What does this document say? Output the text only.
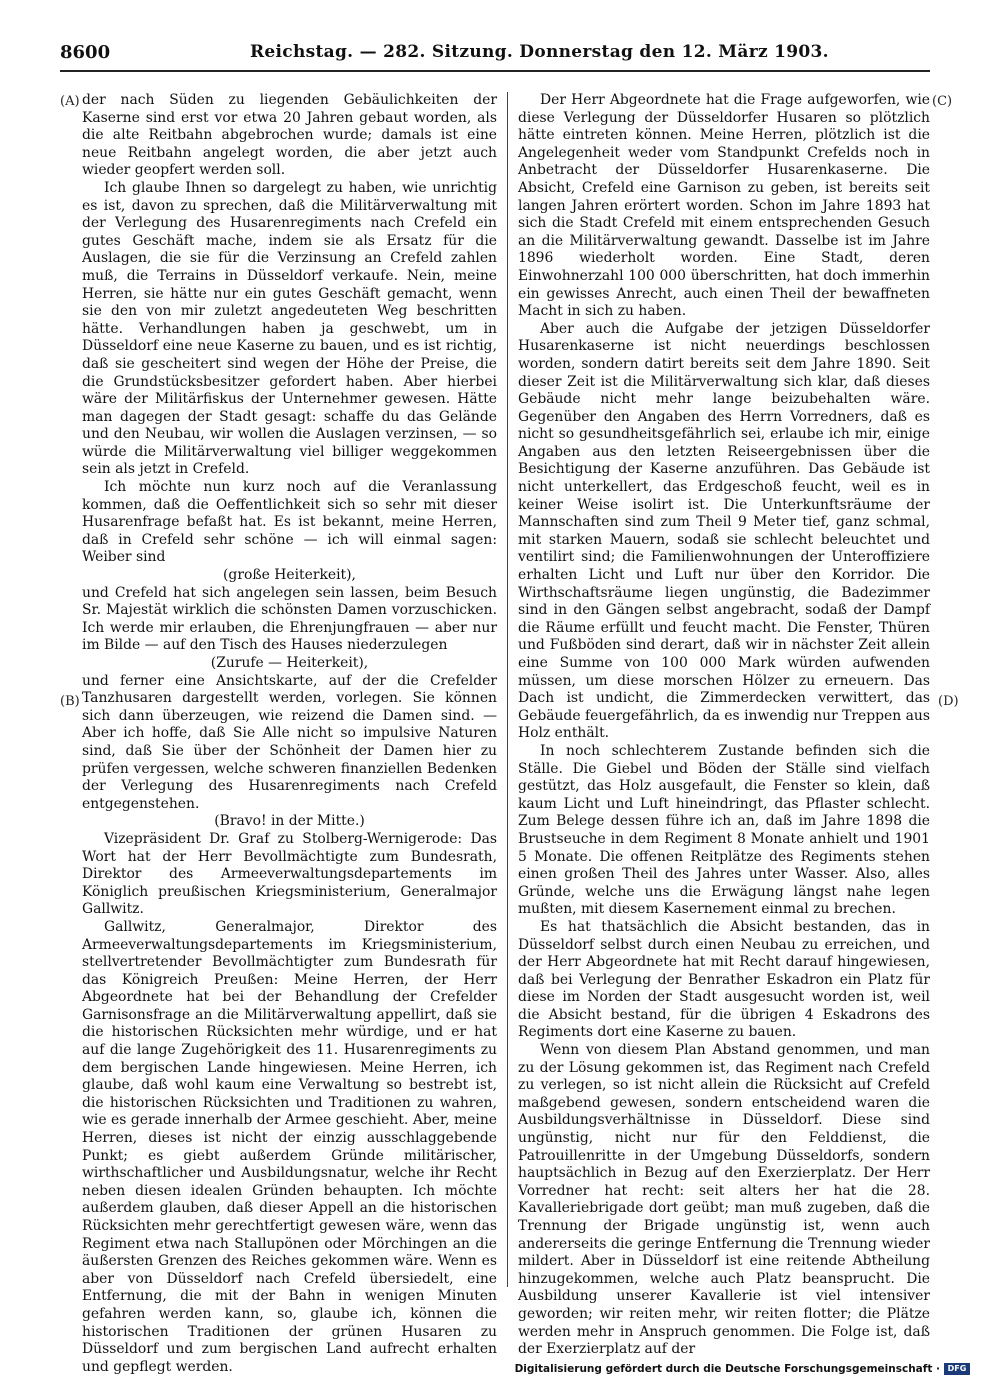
8600	Reichstag. — 282. Sitzung. Donnerstag den 12. März 1903.
(A)
(B)
(C)
(D)

der nach Süden zu liegenden Gebäulichkeiten der Kaserne sind erst vor etwa 20 Jahren gebaut worden, als die alte Reitbahn abgebrochen wurde; damals ist eine neue Reitbahn angelegt worden, die aber jetzt auch wieder geopfert werden soll.

Ich glaube Ihnen so dargelegt zu haben, wie unrichtig es ist, davon zu sprechen, daß die Militärverwaltung mit der Verlegung des Husarenregiments nach Crefeld ein gutes Geschäft mache, indem sie als Ersatz für die Auslagen, die sie für die Verzinsung an Crefeld zahlen muß, die Terrains in Düsseldorf verkaufe. Nein, meine Herren, sie hätte nur ein gutes Geschäft gemacht, wenn sie den von mir zuletzt angedeuteten Weg beschritten hätte. Verhandlungen haben ja geschwebt, um in Düsseldorf eine neue Kaserne zu bauen, und es ist richtig, daß sie gescheitert sind wegen der Höhe der Preise, die die Grundstücksbesitzer gefordert haben. Aber hierbei wäre der Militärfiskus der Unternehmer gewesen. Hätte man dagegen der Stadt gesagt: schaffe du das Gelände und den Neubau, wir wollen die Auslagen verzinsen, — so würde die Militärverwaltung viel billiger weggekommen sein als jetzt in Crefeld.

Ich möchte nun kurz noch auf die Veranlassung kommen, daß die Oeffentlichkeit sich so sehr mit dieser Husarenfrage befaßt hat. Es ist bekannt, meine Herren, daß in Crefeld sehr schöne — ich will einmal sagen: Weiber sind

(große Heiterkeit),

und Crefeld hat sich angelegen sein lassen, beim Besuch Sr. Majestät wirklich die schönsten Damen vorzuschicken. Ich werde mir erlauben, die Ehrenjungfrauen — aber nur im Bilde — auf den Tisch des Hauses niederzulegen

(Zurufe — Heiterkeit),

und ferner eine Ansichtskarte, auf der die Crefelder Tanzhusaren dargestellt werden, vorlegen. Sie können sich dann überzeugen, wie reizend die Damen sind. — Aber ich hoffe, daß Sie Alle nicht so impulsive Naturen sind, daß Sie über der Schönheit der Damen hier zu prüfen vergessen, welche schweren finanziellen Bedenken der Verlegung des Husarenregiments nach Crefeld entgegenstehen.

(Bravo! in der Mitte.)

Vizepräsident Dr. Graf zu Stolberg-Wernigerode: Das Wort hat der Herr Bevollmächtigte zum Bundesrath, Direktor des Armeeverwaltungsdepartements im Königlich preußischen Kriegsministerium, Generalmajor Gallwitz.

Gallwitz, Generalmajor, Direktor des Armeeverwaltungsdepartements im Kriegsministerium, stellvertretender Bevollmächtigter zum Bundesrath für das Königreich Preußen: Meine Herren, der Herr Abgeordnete hat bei der Behandlung der Crefelder Garnisonsfrage an die Militärverwaltung appellirt, daß sie die historischen Rücksichten mehr würdige, und er hat auf die lange Zugehörigkeit des 11. Husarenregiments zu dem bergischen Lande hingewiesen. Meine Herren, ich glaube, daß wohl kaum eine Verwaltung so bestrebt ist, die historischen Rücksichten und Traditionen zu wahren, wie es gerade innerhalb der Armee geschieht. Aber, meine Herren, dieses ist nicht der einzig ausschlaggebende Punkt; es giebt außerdem Gründe militärischer, wirthschaftlicher und Ausbildungsnatur, welche ihr Recht neben diesen idealen Gründen behaupten. Ich möchte außerdem glauben, daß dieser Appell an die historischen Rücksichten mehr gerechtfertigt gewesen wäre, wenn das Regiment etwa nach Stallupönen oder Mörchingen an die äußersten Grenzen des Reiches gekommen wäre. Wenn es aber von Düsseldorf nach Crefeld übersiedelt, eine Entfernung, die mit der Bahn in wenigen Minuten gefahren werden kann, so, glaube ich, können die historischen Traditionen der grünen Husaren zu Düsseldorf und zum bergischen Land aufrecht erhalten und gepflegt werden.

Der Herr Abgeordnete hat die Frage aufgeworfen, wie diese Verlegung der Düsseldorfer Husaren so plötzlich hätte eintreten können. Meine Herren, plötzlich ist die Angelegenheit weder vom Standpunkt Crefelds noch in Anbetracht der Düsseldorfer Husarenkaserne. Die Absicht, Crefeld eine Garnison zu geben, ist bereits seit langen Jahren erörtert worden. Schon im Jahre 1893 hat sich die Stadt Crefeld mit einem entsprechenden Gesuch an die Militärverwaltung gewandt. Dasselbe ist im Jahre 1896 wiederholt worden. Eine Stadt, deren Einwohnerzahl 100 000 überschritten, hat doch immerhin ein gewisses Anrecht, auch einen Theil der bewaffneten Macht in sich zu haben.

Aber auch die Aufgabe der jetzigen Düsseldorfer Husarenkaserne ist nicht neuerdings beschlossen worden, sondern datirt bereits seit dem Jahre 1890. Seit dieser Zeit ist die Militärverwaltung sich klar, daß dieses Gebäude nicht mehr lange beizubehalten wäre. Gegenüber den Angaben des Herrn Vorredners, daß es nicht so gesundheitsgefährlich sei, erlaube ich mir, einige Angaben aus den letzten Reiseergebnissen über die Besichtigung der Kaserne anzuführen. Das Gebäude ist nicht unterkellert, das Erdgeschoß feucht, weil es in keiner Weise isolirt ist. Die Unterkunftsräume der Mannschaften sind zum Theil 9 Meter tief, ganz schmal, mit starken Mauern, sodaß sie schlecht beleuchtet und ventilirt sind; die Familienwohnungen der Unteroffiziere erhalten Licht und Luft nur über den Korridor. Die Wirthschaftsräume liegen ungünstig, die Badezimmer sind in den Gängen selbst angebracht, sodaß der Dampf die Räume erfüllt und feucht macht. Die Fenster, Thüren und Fußböden sind derart, daß wir in nächster Zeit allein eine Summe von 100 000 Mark würden aufwenden müssen, um diese morschen Hölzer zu erneuern. Das Dach ist undicht, die Zimmerdecken verwittert, das Gebäude feuergefährlich, da es inwendig nur Treppen aus Holz enthält.

In noch schlechterem Zustande befinden sich die Ställe. Die Giebel und Böden der Ställe sind vielfach gestützt, das Holz ausgefault, die Fenster so klein, daß kaum Licht und Luft hineindringt, das Pflaster schlecht. Zum Belege dessen führe ich an, daß im Jahre 1898 die Brustseuche in dem Regiment 8 Monate anhielt und 1901 5 Monate. Die offenen Reitplätze des Regiments stehen einen großen Theil des Jahres unter Wasser. Also, alles Gründe, welche uns die Erwägung längst nahe legen mußten, mit diesem Kasernement einmal zu brechen.

Es hat thatsächlich die Absicht bestanden, das in Düsseldorf selbst durch einen Neubau zu erreichen, und der Herr Abgeordnete hat mit Recht darauf hingewiesen, daß bei Verlegung der Benrather Eskadron ein Platz für diese im Norden der Stadt ausgesucht worden ist, weil die Absicht bestand, für die übrigen 4 Eskadrons des Regiments dort eine Kaserne zu bauen.

Wenn von diesem Plan Abstand genommen, und man zu der Lösung gekommen ist, das Regiment nach Crefeld zu verlegen, so ist nicht allein die Rücksicht auf Crefeld maßgebend gewesen, sondern entscheidend waren die Ausbildungsverhältnisse in Düsseldorf. Diese sind ungünstig, nicht nur für den Felddienst, die Patrouillenritte in der Umgebung Düsseldorfs, sondern hauptsächlich in Bezug auf den Exerzierplatz. Der Herr Vorredner hat recht: seit alters her hat die 28. Kavalleriebrigade dort geübt; man muß zugeben, daß die Trennung der Brigade ungünstig ist, wenn auch andererseits die geringe Entfernung die Trennung wieder mildert. Aber in Düsseldorf ist eine reitende Abtheilung hinzugekommen, welche auch Platz beansprucht. Die Ausbildung unserer Kavallerie ist viel intensiver geworden; wir reiten mehr, wir reiten flotter; die Plätze werden mehr in Anspruch genommen. Die Folge ist, daß der Exerzierplatz auf der

Digitalisierung gefördert durch die Deutsche Forschungsgemeinschaft · DFG
